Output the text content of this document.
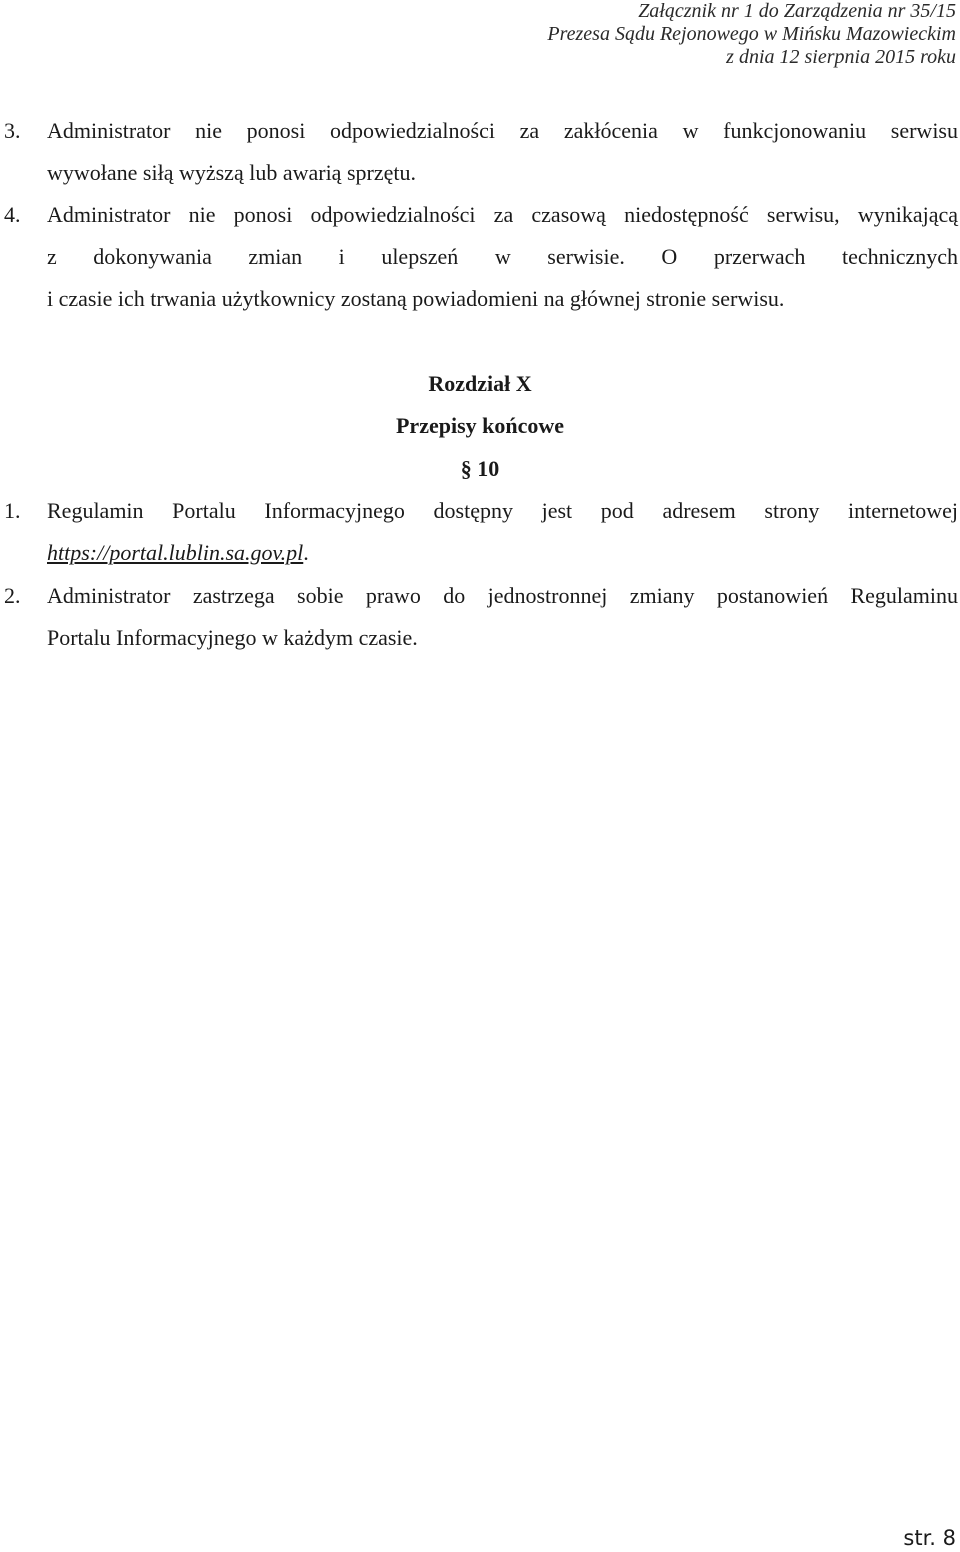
Załącznik nr 1 do Zarządzenia nr 35/15
Prezesa Sądu Rejonowego w Mińsku Mazowieckim
z dnia 12 sierpnia 2015 roku
3. Administrator nie ponosi odpowiedzialności za zakłócenia w funkcjonowaniu serwisu
wywołane siłą wyższą lub awarią sprzętu.
4. Administrator nie ponosi odpowiedzialności za czasową niedostępność serwisu, wynikającą
z dokonywania zmian i ulepszeń w serwisie. O przerwach technicznych
i czasie ich trwania użytkownicy zostaną powiadomieni na głównej stronie serwisu.
Rozdział X
Przepisy końcowe
§ 10
1. Regulamin Portalu Informacyjnego dostępny jest pod adresem strony internetowej
https://portal.lublin.sa.gov.pl.
2. Administrator zastrzega sobie prawo do jednostronnej zmiany postanowień Regulaminu
Portalu Informacyjnego w każdym czasie.
str. 8
